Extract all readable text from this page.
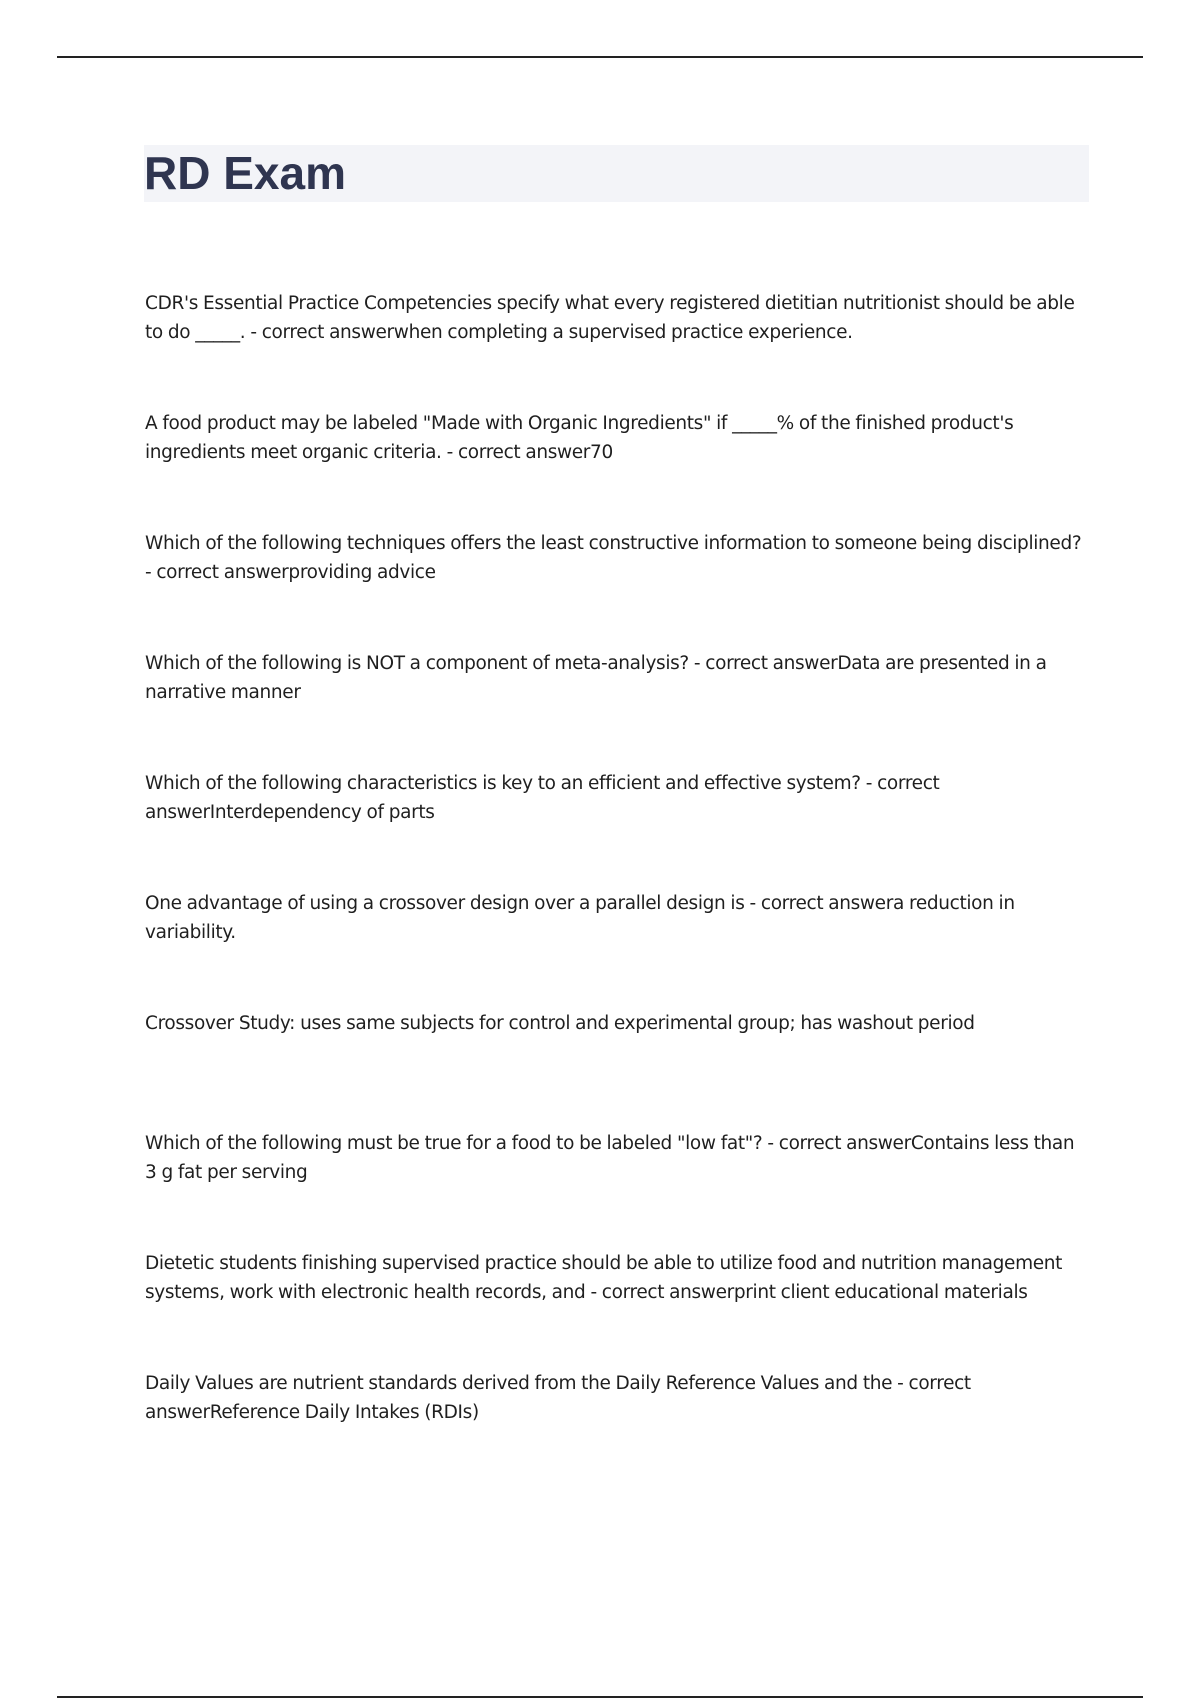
RD Exam

CDR's Essential Practice Competencies specify what every registered dietitian nutritionist should be able to do _____. - correct answerwhen completing a supervised practice experience.

A food product may be labeled "Made with Organic Ingredients" if _____% of the finished product's ingredients meet organic criteria. - correct answer70

Which of the following techniques offers the least constructive information to someone being disciplined? - correct answerproviding advice

Which of the following is NOT a component of meta-analysis? - correct answerData are presented in a narrative manner

Which of the following characteristics is key to an efficient and effective system? - correct answerInterdependency of parts

One advantage of using a crossover design over a parallel design is - correct answera reduction in variability.

Crossover Study: uses same subjects for control and experimental group; has washout period

Which of the following must be true for a food to be labeled "low fat"? - correct answerContains less than 3 g fat per serving

Dietetic students finishing supervised practice should be able to utilize food and nutrition management systems, work with electronic health records, and - correct answerprint client educational materials

Daily Values are nutrient standards derived from the Daily Reference Values and the - correct answerReference Daily Intakes (RDIs)
